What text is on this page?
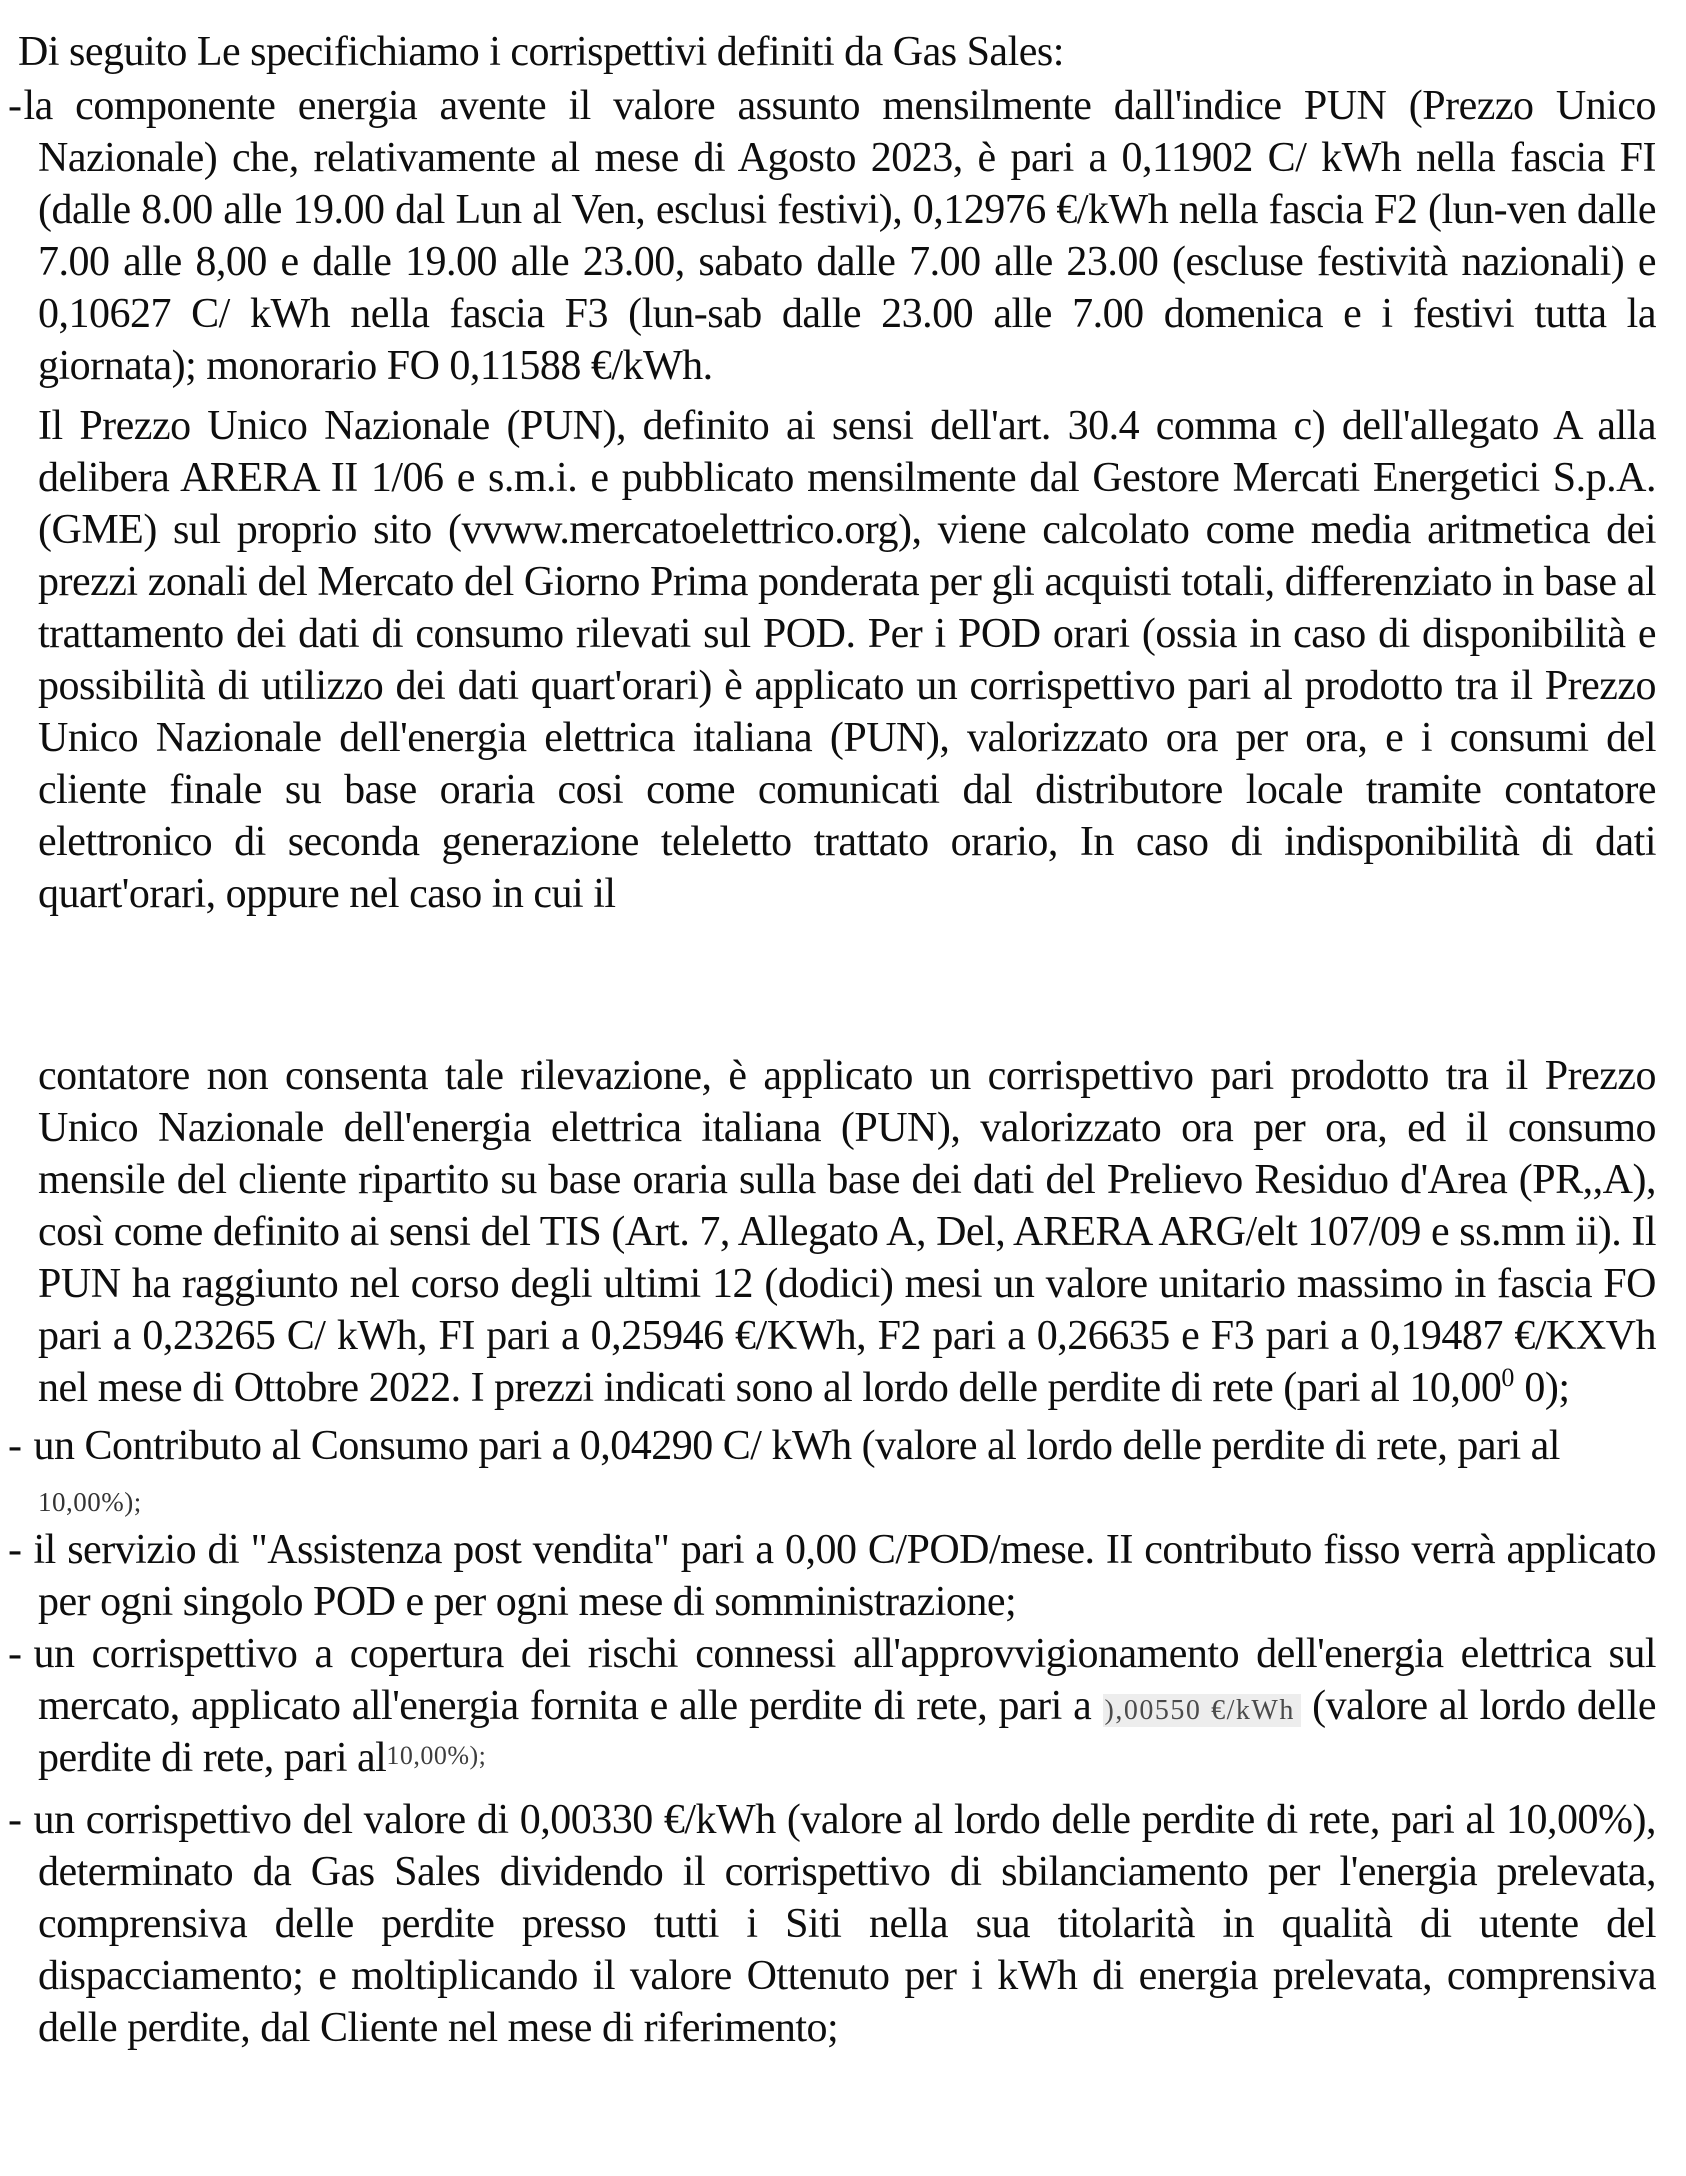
Di seguito Le specifichiamo i corrispettivi definiti da Gas Sales:

-la componente energia avente il valore assunto mensilmente dall'indice PUN (Prezzo Unico Nazionale) che, relativamente al mese di Agosto 2023, è pari a 0,11902 C/ kWh nella fascia FI (dalle 8.00 alle 19.00 dal Lun al Ven, esclusi festivi), 0,12976 €/kWh nella fascia F2 (lun-ven dalle 7.00 alle 8,00 e dalle 19.00 alle 23.00, sabato dalle 7.00 alle 23.00 (escluse festività nazionali) e 0,10627 C/ kWh nella fascia F3 (lun-sab dalle 23.00 alle 7.00 domenica e i festivi tutta la giornata); monorario FO 0,11588 €/kWh.

Il Prezzo Unico Nazionale (PUN), definito ai sensi dell'art. 30.4 comma c) dell'allegato A alla delibera ARERA II 1/06 e s.m.i. e pubblicato mensilmente dal Gestore Mercati Energetici S.p.A. (GME) sul proprio sito (vvww.mercatoelettrico.org), viene calcolato come media aritmetica dei prezzi zonali del Mercato del Giorno Prima ponderata per gli acquisti totali, differenziato in base al trattamento dei dati di consumo rilevati sul POD. Per i POD orari (ossia in caso di disponibilità e possibilità di utilizzo dei dati quart'orari) è applicato un corrispettivo pari al prodotto tra il Prezzo Unico Nazionale dell'energia elettrica italiana (PUN), valorizzato ora per ora, e i consumi del cliente finale su base oraria cosi come comunicati dal distributore locale tramite contatore elettronico di seconda generazione teleletto trattato orario, In caso di indisponibilità di dati quart'orari, oppure nel caso in cui il

contatore non consenta tale rilevazione, è applicato un corrispettivo pari prodotto tra il Prezzo Unico Nazionale dell'energia elettrica italiana (PUN), valorizzato ora per ora, ed il consumo mensile del cliente ripartito su base oraria sulla base dei dati del Prelievo Residuo d'Area (PR,,A), così come definito ai sensi del TIS (Art. 7, Allegato A, Del, ARERA ARG/elt 107/09 e ss.mm ii). Il PUN ha raggiunto nel corso degli ultimi 12 (dodici) mesi un valore unitario massimo in fascia FO pari a 0,23265 C/ kWh, FI pari a 0,25946 €/KWh, F2 pari a 0,26635 e F3 pari a 0,19487 €/KXVh nel mese di Ottobre 2022. I prezzi indicati sono al lordo delle perdite di rete (pari al 10,00$^0$ 0);

- un Contributo al Consumo pari a 0,04290 C/ kWh (valore al lordo delle perdite di rete, pari al
10,00%);

- il servizio di "Assistenza post vendita" pari a 0,00 C/POD/mese. II contributo fisso verrà applicato per ogni singolo POD e per ogni mese di somministrazione;

- un corrispettivo a copertura dei rischi connessi all'approvvigionamento dell'energia elettrica sul mercato, applicato all'energia fornita e alle perdite di rete, pari a ),00550 €/kWh (valore al lordo delle perdite di rete, pari al10,00%);

- un corrispettivo del valore di 0,00330 €/kWh (valore al lordo delle perdite di rete, pari al 10,00%), determinato da Gas Sales dividendo il corrispettivo di sbilanciamento per l'energia prelevata, comprensiva delle perdite presso tutti i Siti nella sua titolarità in qualità di utente del dispacciamento; e moltiplicando il valore Ottenuto per i kWh di energia prelevata, comprensiva delle perdite, dal Cliente nel mese di riferimento;
